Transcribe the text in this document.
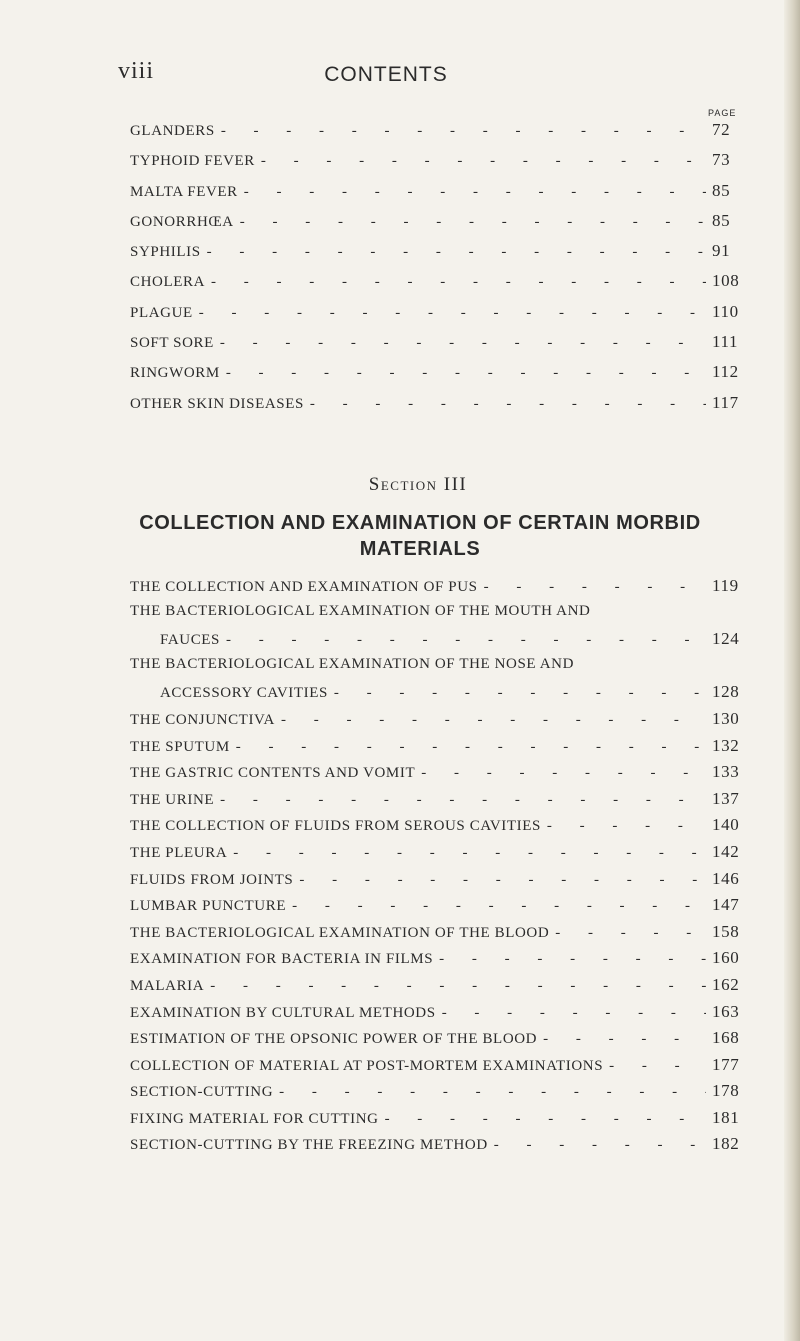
viii	CONTENTS
PAGE
GLANDERS - - -	72
TYPHOID FEVER - - -	73
MALTA FEVER - - -	85
GONORRHŒA - - -	85
SYPHILIS - - -	91
CHOLERA - - -	108
PLAGUE - - -	110
SOFT SORE - - -	111
RINGWORM - - -	112
OTHER SKIN DISEASES - - -	117
Section III
COLLECTION AND EXAMINATION OF CERTAIN MORBID
MATERIALS
THE COLLECTION AND EXAMINATION OF PUS - - -	119
THE BACTERIOLOGICAL EXAMINATION OF THE MOUTH AND
FAUCES - - -	124
THE BACTERIOLOGICAL EXAMINATION OF THE NOSE AND
ACCESSORY CAVITIES - - -	128
THE CONJUNCTIVA - - -	130
THE SPUTUM - - -	132
THE GASTRIC CONTENTS AND VOMIT - - -	133
THE URINE - - -	137
THE COLLECTION OF FLUIDS FROM SEROUS CAVITIES - - -	140
THE PLEURA - - -	142
FLUIDS FROM JOINTS - - -	146
LUMBAR PUNCTURE - - -	147
THE BACTERIOLOGICAL EXAMINATION OF THE BLOOD - - -	158
EXAMINATION FOR BACTERIA IN FILMS - - -	160
MALARIA - - -	162
EXAMINATION BY CULTURAL METHODS - - -	163
ESTIMATION OF THE OPSONIC POWER OF THE BLOOD - - -	168
COLLECTION OF MATERIAL AT POST-MORTEM EXAMINATIONS - - -	177
SECTION-CUTTING - - -	178
FIXING MATERIAL FOR CUTTING - - -	181
SECTION-CUTTING BY THE FREEZING METHOD - - -	182
